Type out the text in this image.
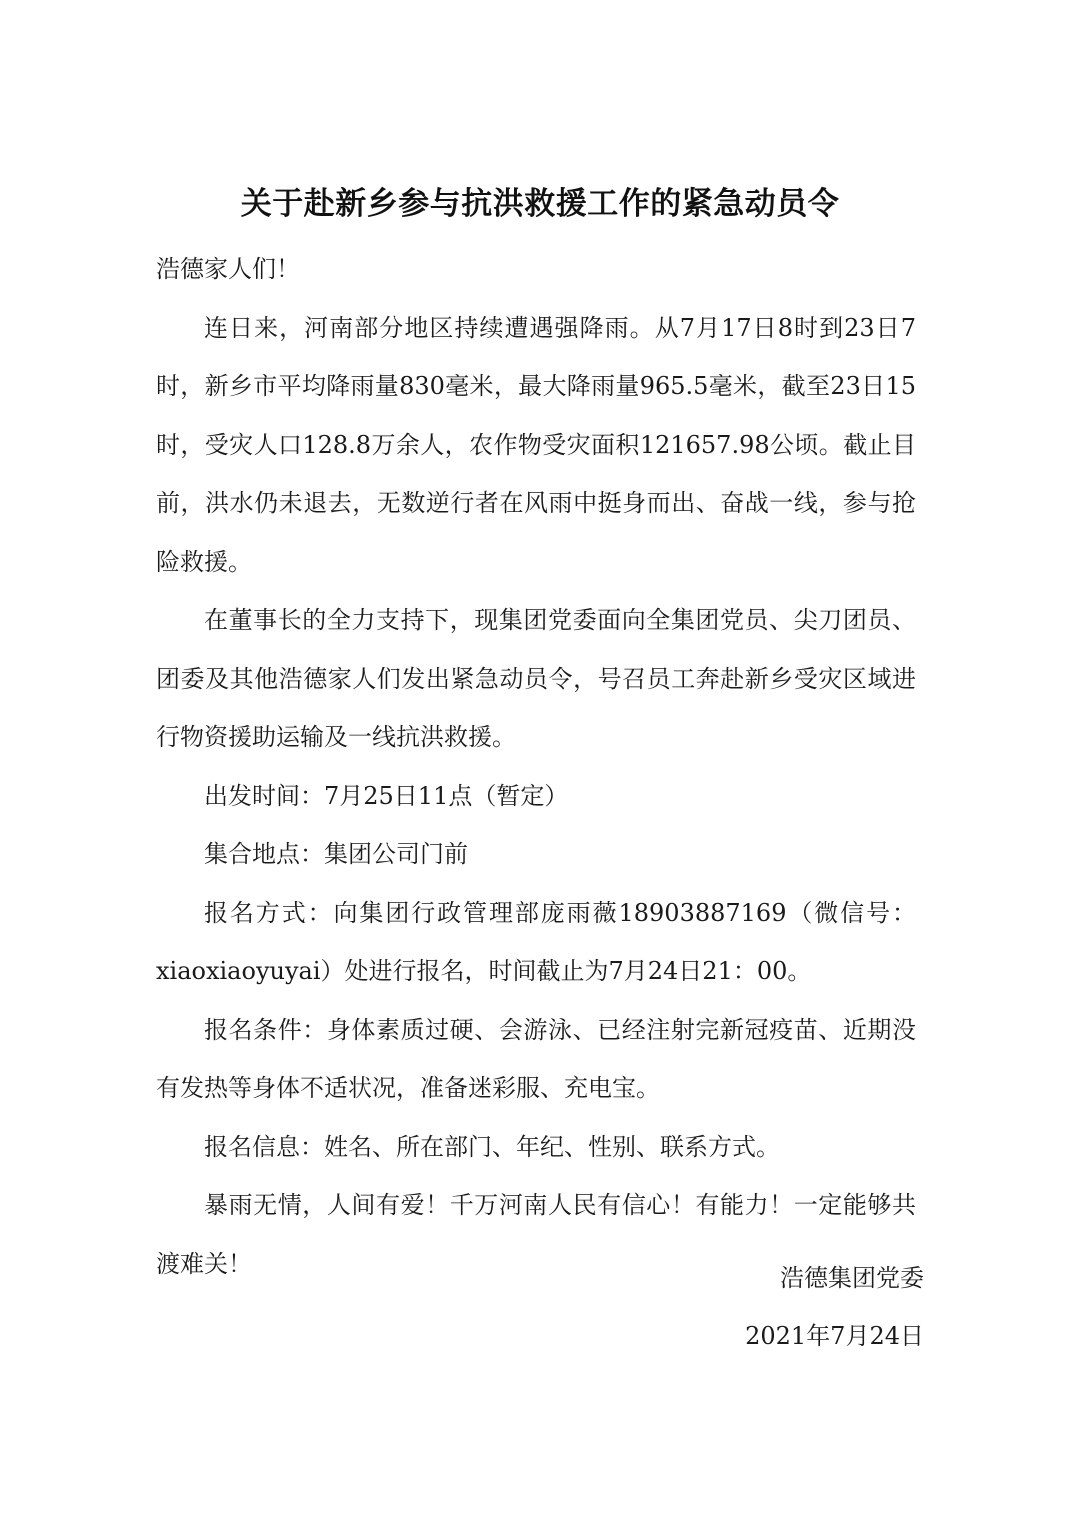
关于赴新乡参与抗洪救援工作的紧急动员令

浩德家人们！

连日来，河南部分地区持续遭遇强降雨。从7月17日8时到23日7时，新乡市平均降雨量830毫米，最大降雨量965.5毫米，截至23日15时，受灾人口128.8万余人，农作物受灾面积121657.98公顷。截止目前，洪水仍未退去，无数逆行者在风雨中挺身而出、奋战一线，参与抢险救援。

在董事长的全力支持下，现集团党委面向全集团党员、尖刀团员、团委及其他浩德家人们发出紧急动员令，号召员工奔赴新乡受灾区域进行物资援助运输及一线抗洪救援。

出发时间：7月25日11点（暂定）

集合地点：集团公司门前

报名方式：向集团行政管理部庞雨薇18903887169（微信号：xiaoxiaoyuyai）处进行报名，时间截止为7月24日21：00。

报名条件：身体素质过硬、会游泳、已经注射完新冠疫苗、近期没有发热等身体不适状况，准备迷彩服、充电宝。

报名信息：姓名、所在部门、年纪、性别、联系方式。

暴雨无情，人间有爱！千万河南人民有信心！有能力！一定能够共渡难关！

浩德集团党委
2021年7月24日
